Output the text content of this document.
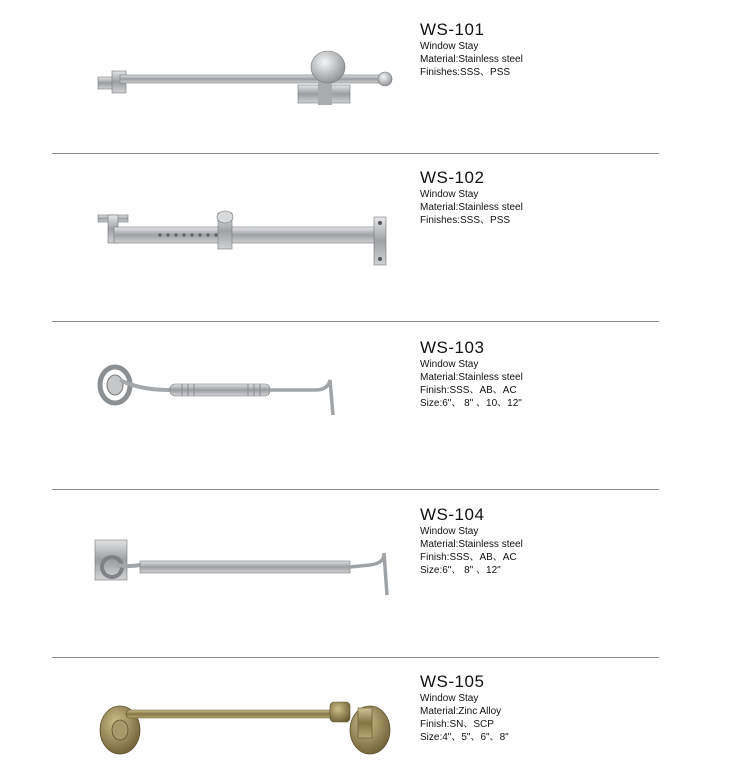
WS-101
Window Stay
Material:Stainless steel
Finishes:SSS、PSS
WS-102
Window Stay
Material:Stainless steel
Finishes:SSS、PSS
WS-103
Window Stay
Material:Stainless steel
Finish:SSS、AB、AC
Size:6"、 8" 、10、12"
WS-104
Window Stay
Material:Stainless steel
Finish:SSS、AB、AC
Size:6"、 8" 、12"
WS-105
Window Stay
Material:Zinc Alloy
Finish:SN、SCP
Size:4"、5"、6"、8"
